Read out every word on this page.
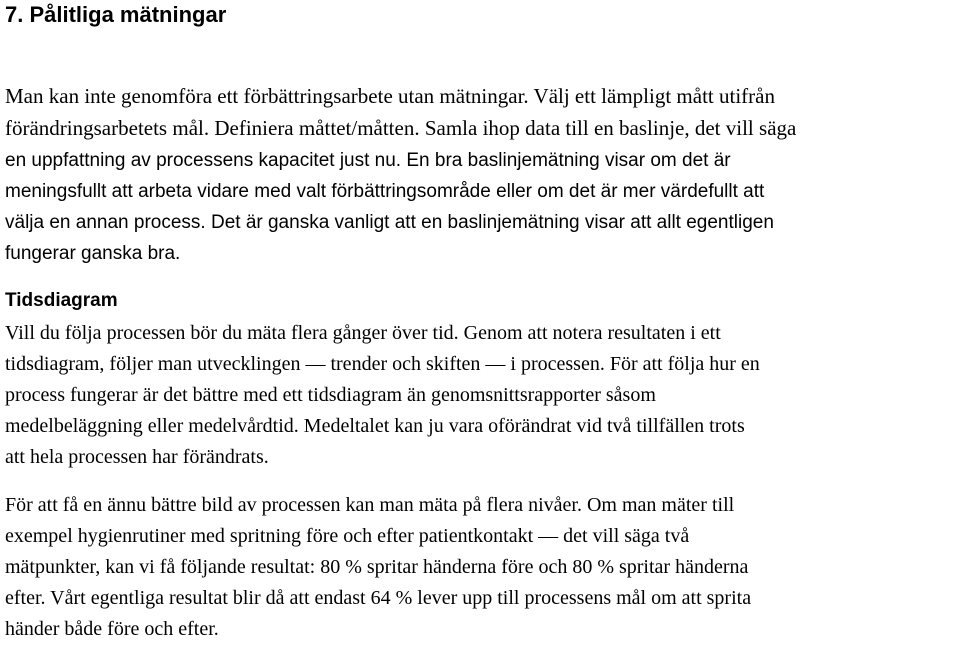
7. Pålitliga mätningar
Man kan inte genomföra ett förbättringsarbete utan mätningar. Välj ett lämpligt mått utifrån
förändringsarbetets mål. Definiera måttet/måtten. Samla ihop data till en baslinje, det vill säga
en uppfattning av processens kapacitet just nu. En bra baslinjemätning visar om det är
meningsfullt att arbeta vidare med valt förbättringsområde eller om det är mer värdefullt att
välja en annan process. Det är ganska vanligt att en baslinjemätning visar att allt egentligen
fungerar ganska bra.
Tidsdiagram
Vill du följa processen bör du mäta flera gånger över tid. Genom att notera resultaten i ett
tidsdiagram, följer man utvecklingen — trender och skiften — i processen. För att följa hur en
process fungerar är det bättre med ett tidsdiagram än genomsnittsrapporter såsom
medelbeläggning eller medelvårdtid. Medeltalet kan ju vara oförändrat vid två tillfällen trots
att hela processen har förändrats.
För att få en ännu bättre bild av processen kan man mäta på flera nivåer. Om man mäter till
exempel hygienrutiner med spritning före och efter patientkontakt — det vill säga två
mätpunkter, kan vi få följande resultat: 80 % spritar händerna före och 80 % spritar händerna
efter. Vårt egentliga resultat blir då att endast 64 % lever upp till processens mål om att sprita
händer både före och efter.
